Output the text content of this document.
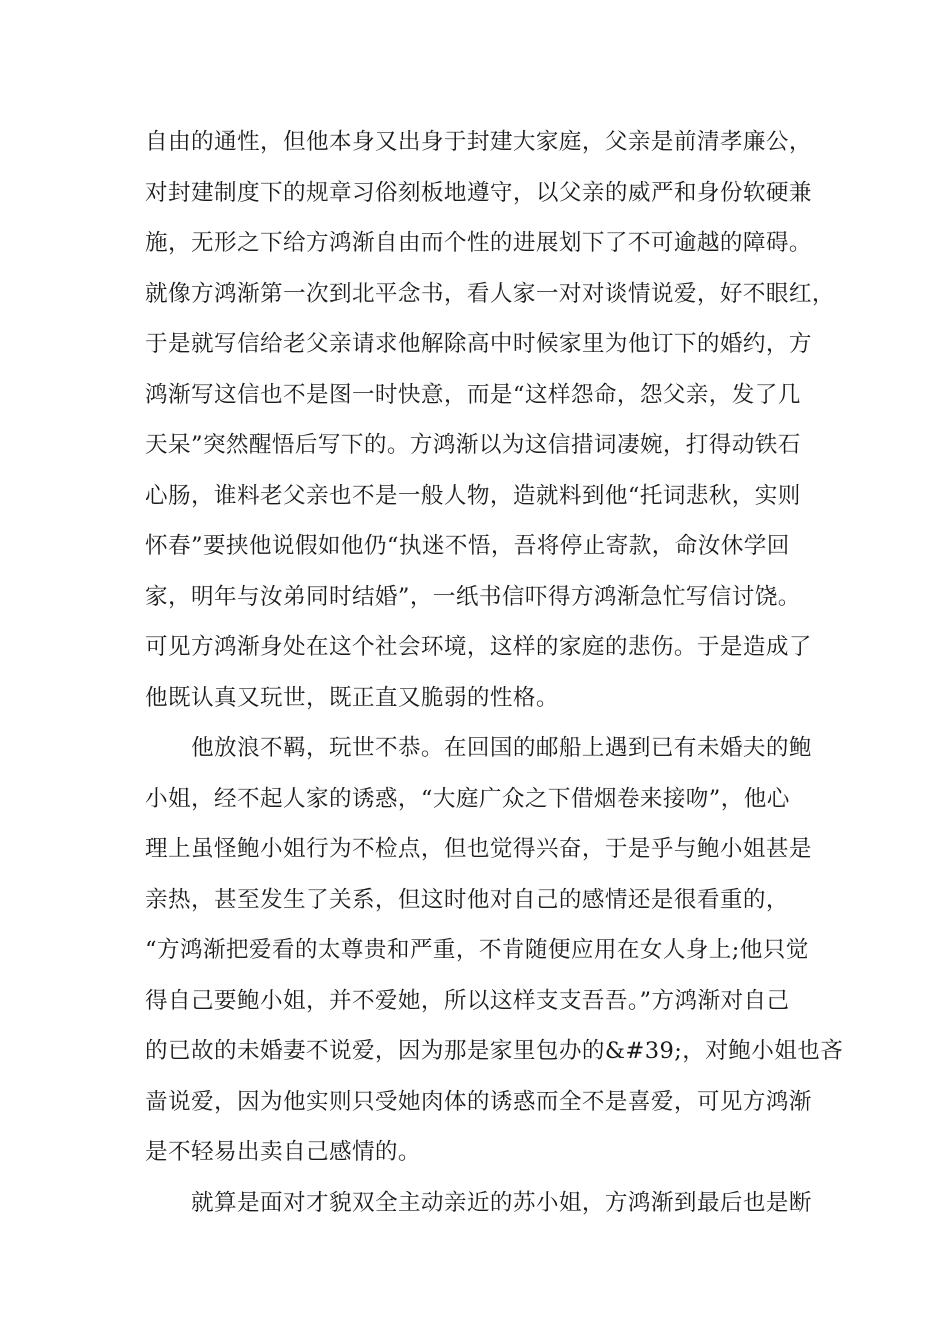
自由的通性，但他本身又出身于封建大家庭，父亲是前清孝廉公，
对封建制度下的规章习俗刻板地遵守，以父亲的威严和身份软硬兼
施，无形之下给方鸿渐自由而个性的进展划下了不可逾越的障碍。
就像方鸿渐第一次到北平念书，看人家一对对谈情说爱，好不眼红，
于是就写信给老父亲请求他解除高中时候家里为他订下的婚约，方
鸿渐写这信也不是图一时快意，而是“这样怨命，怨父亲，发了几
天呆”突然醒悟后写下的。方鸿渐以为这信措词凄婉，打得动铁石
心肠，谁料老父亲也不是一般人物，造就料到他“托词悲秋，实则
怀春”要挟他说假如他仍“执迷不悟，吾将停止寄款，命汝休学回
家，明年与汝弟同时结婚”，一纸书信吓得方鸿渐急忙写信讨饶。
可见方鸿渐身处在这个社会环境，这样的家庭的悲伤。于是造成了
他既认真又玩世，既正直又脆弱的性格。
他放浪不羁，玩世不恭。在回国的邮船上遇到已有未婚夫的鲍
小姐，经不起人家的诱惑，“大庭广众之下借烟卷来接吻”，他心
理上虽怪鲍小姐行为不检点，但也觉得兴奋，于是乎与鲍小姐甚是
亲热，甚至发生了关系，但这时他对自己的感情还是很看重的，
“方鸿渐把爱看的太尊贵和严重，不肯随便应用在女人身上;他只觉
得自己要鲍小姐，并不爱她，所以这样支支吾吾。”方鸿渐对自己
的已故的未婚妻不说爱，因为那是家里包办的&#39;，对鲍小姐也吝
啬说爱，因为他实则只受她肉体的诱惑而全不是喜爱，可见方鸿渐
是不轻易出卖自己感情的。
就算是面对才貌双全主动亲近的苏小姐，方鸿渐到最后也是断
